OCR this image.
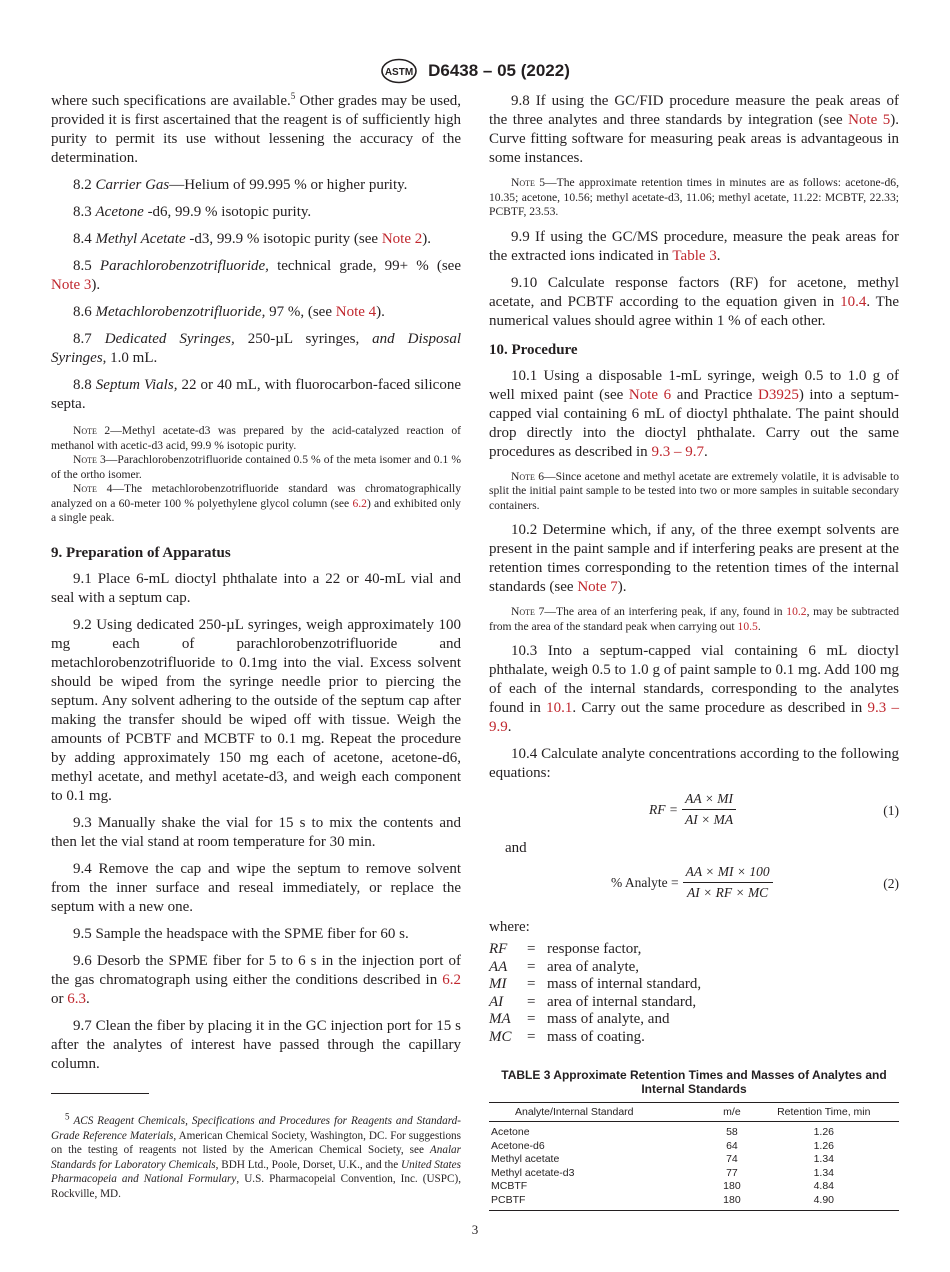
ASTM D6438 – 05 (2022)

where such specifications are available.$^5$ Other grades may be used, provided it is first ascertained that the reagent is of sufficiently high purity to permit its use without lessening the accuracy of the determination.

8.2 Carrier Gas—Helium of 99.995 % or higher purity.

8.3 Acetone -d6, 99.9 % isotopic purity.

8.4 Methyl Acetate -d3, 99.9 % isotopic purity (see Note 2).

8.5 Parachlorobenzotrifluoride, technical grade, 99+ % (see Note 3).

8.6 Metachlorobenzotrifluoride, 97 %, (see Note 4).

8.7 Dedicated Syringes, 250-µL syringes, and Disposal Syringes, 1.0 mL.

8.8 Septum Vials, 22 or 40 mL, with fluorocarbon-faced silicone septa.

Note 2—Methyl acetate-d3 was prepared by the acid-catalyzed reaction of methanol with acetic-d3 acid, 99.9 % isotopic purity.

Note 3—Parachlorobenzotrifluoride contained 0.5 % of the meta isomer and 0.1 % of the ortho isomer.

Note 4—The metachlorobenzotrifluoride standard was chromatographically analyzed on a 60-meter 100 % polyethylene glycol column (see 6.2) and exhibited only a single peak.

9. Preparation of Apparatus

9.1 Place 6-mL dioctyl phthalate into a 22 or 40-mL vial and seal with a septum cap.

9.2 Using dedicated 250-µL syringes, weigh approximately 100 mg each of parachlorobenzotrifluoride and metachlorobenzotrifluoride to 0.1mg into the vial. Excess solvent should be wiped from the syringe needle prior to piercing the septum. Any solvent adhering to the outside of the septum cap after making the transfer should be wiped off with tissue. Weigh the amounts of PCBTF and MCBTF to 0.1 mg. Repeat the procedure by adding approximately 150 mg each of acetone, acetone-d6, methyl acetate, and methyl acetate-d3, and weigh each component to 0.1 mg.

9.3 Manually shake the vial for 15 s to mix the contents and then let the vial stand at room temperature for 30 min.

9.4 Remove the cap and wipe the septum to remove solvent from the inner surface and reseal immediately, or replace the septum with a new one.

9.5 Sample the headspace with the SPME fiber for 60 s.

9.6 Desorb the SPME fiber for 5 to 6 s in the injection port of the gas chromatograph using either the conditions described in 6.2 or 6.3.

9.7 Clean the fiber by placing it in the GC injection port for 15 s after the analytes of interest have passed through the capillary column.

$^5$ ACS Reagent Chemicals, Specifications and Procedures for Reagents and Standard-Grade Reference Materials, American Chemical Society, Washington, DC. For suggestions on the testing of reagents not listed by the American Chemical Society, see Analar Standards for Laboratory Chemicals, BDH Ltd., Poole, Dorset, U.K., and the United States Pharmacopeia and National Formulary, U.S. Pharmacopeial Convention, Inc. (USPC), Rockville, MD.

9.8 If using the GC/FID procedure measure the peak areas of the three analytes and three standards by integration (see Note 5). Curve fitting software for measuring peak areas is advantageous in some instances.

Note 5—The approximate retention times in minutes are as follows: acetone-d6, 10.35; acetone, 10.56; methyl acetate-d3, 11.06; methyl acetate, 11.22: MCBTF, 22.33; PCBTF, 23.53.

9.9 If using the GC/MS procedure, measure the peak areas for the extracted ions indicated in Table 3.

9.10 Calculate response factors (RF) for acetone, methyl acetate, and PCBTF according to the equation given in 10.4. The numerical values should agree within 1 % of each other.

10. Procedure

10.1 Using a disposable 1-mL syringe, weigh 0.5 to 1.0 g of well mixed paint (see Note 6 and Practice D3925) into a septum-capped vial containing 6 mL of dioctyl phthalate. The paint should drop directly into the dioctyl phthalate. Carry out the same procedures as described in 9.3 – 9.7.

Note 6—Since acetone and methyl acetate are extremely volatile, it is advisable to split the initial paint sample to be tested into two or more samples in suitable secondary containers.

10.2 Determine which, if any, of the three exempt solvents are present in the paint sample and if interfering peaks are present at the retention times corresponding to the retention times of the internal standards (see Note 7).

Note 7—The area of an interfering peak, if any, found in 10.2, may be subtracted from the area of the standard peak when carrying out 10.5.

10.3 Into a septum-capped vial containing 6 mL dioctyl phthalate, weigh 0.5 to 1.0 g of paint sample to 0.1 mg. Add 100 mg of each of the internal standards, corresponding to the analytes found in 10.1. Carry out the same procedure as described in 9.3 – 9.9.

10.4 Calculate analyte concentrations according to the following equations:

RF = $\frac{AA \times MI}{AI \times MA}$	(1)

and

% Analyte = $\frac{AA \times MI \times 100}{AI \times RF \times MC}$	(2)

where:

RF	= response factor,
AA	= area of analyte,
MI	= mass of internal standard,
AI	= area of internal standard,
MA	= mass of analyte, and
MC	= mass of coating.
TABLE 3 Approximate Retention Times and Masses of Analytes and Internal Standards
Analyte/Internal Standard	m/e	Retention Time, min
Acetone	58	1.26
Acetone-d6	64	1.26
Methyl acetate	74	1.34
Methyl acetate-d3	77	1.34
MCBTF	180	4.84
PCBTF	180	4.90
3
